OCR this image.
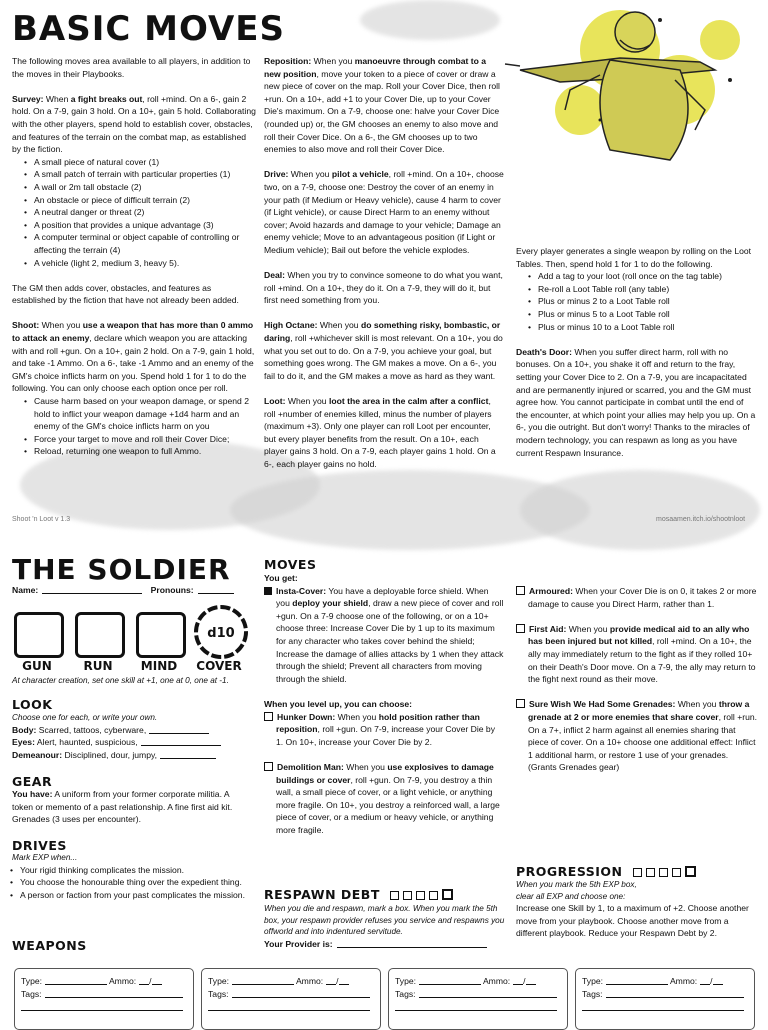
BASIC MOVES

The following moves area available to all players, in addition to the moves in their Playbooks.

Survey: When a fight breaks out, roll +mind. On a 6-, gain 2 hold. On a 7-9, gain 3 hold. On a 10+, gain 5 hold. Collaborating with the other players, spend hold to establish cover, obstacles, and features of the terrain on the combat map, as established by the fiction.

• A small piece of natural cover (1)
• A small patch of terrain with particular properties (1)
• A wall or 2m tall obstacle (2)
• An obstacle or piece of difficult terrain (2)
• A neutral danger or threat (2)
• A position that provides a unique advantage (3)
• A computer terminal or object capable of controlling or affecting the terrain (4)
• A vehicle (light 2, medium 3, heavy 5).

The GM then adds cover, obstacles, and features as established by the fiction that have not already been added.

Shoot: When you use a weapon that has more than 0 ammo to attack an enemy, declare which weapon you are attacking with and roll +gun. On a 10+, gain 2 hold. On a 7-9, gain 1 hold, and take -1 Ammo. On a 6-, take -1 Ammo and an enemy of the GM's choice inflicts harm on you. Spend hold 1 for 1 to do the following. You can only choose each option once per roll.

• Cause harm based on your weapon damage, or spend 2 hold to inflict your weapon damage +1d4 harm and an enemy of the GM's choice inflicts harm on you
• Force your target to move and roll their Cover Dice;
• Reload, returning one weapon to full Ammo.

Reposition: When you manoeuvre through combat to a new position, move your token to a piece of cover or draw a new piece of cover on the map. Roll your Cover Dice, then roll +run. On a 10+, add +1 to your Cover Die, up to your Cover Die's maximum. On a 7-9, choose one: halve your Cover Dice (rounded up) or, the GM chooses an enemy to also move and roll their Cover Dice. On a 6-, the GM chooses up to two enemies to also move and roll their Cover Dice.

Drive: When you pilot a vehicle, roll +mind. On a 10+, choose two, on a 7-9, choose one: Destroy the cover of an enemy in your path (if Medium or Heavy vehicle), cause 4 harm to cover (if Light vehicle), or cause Direct Harm to an enemy without cover; Avoid hazards and damage to your vehicle; Damage an enemy vehicle; Move to an advantageous position (if Light or Medium vehicle); Bail out before the vehicle explodes.

Deal: When you try to convince someone to do what you want, roll +mind. On a 10+, they do it. On a 7-9, they will do it, but first need something from you.

High Octane: When you do something risky, bombastic, or daring, roll +whichever skill is most relevant. On a 10+, you do what you set out to do. On a 7-9, you achieve your goal, but something goes wrong. The GM makes a move. On a 6-, you fail to do it, and the GM makes a move as hard as they want.

Loot: When you loot the area in the calm after a conflict, roll +number of enemies killed, minus the number of players (maximum +3). Only one player can roll Loot per encounter, but every player benefits from the result. On a 10+, each player gains 3 hold. On a 7-9, each player gains 1 hold. On a 6-, each player gains no hold.

Every player generates a single weapon by rolling on the Loot Tables. Then, spend hold 1 for 1 to do the following.

• Add a tag to your loot (roll once on the tag table)
• Re-roll a Loot Table roll (any table)
• Plus or minus 2 to a Loot Table roll
• Plus or minus 5 to a Loot Table roll
• Plus or minus 10 to a Loot Table roll

Death's Door: When you suffer direct harm, roll with no bonuses. On a 10+, you shake it off and return to the fray, setting your Cover Dice to 2. On a 7-9, you are incapacitated and are permanently injured or scarred, you and the GM must agree how. You cannot participate in combat until the end of the encounter, at which point your allies may help you up. On a 6-, you die outright. But don't worry! Thanks to the miracles of modern technology, you can respawn as long as you have current Respawn Insurance.

Shoot 'n Loot v 1.3	mosaamen.itch.io/shootnloot
THE SOLDIER
Name:	Pronouns:
d10
GUN	RUN	MIND	COVER
At character creation, set one skill at +1, one at 0, one at -1.
LOOK

Choose one for each, or write your own.

Body: Scarred, tattoos, cyberware,

Eyes: Alert, haunted, suspicious,

Demeanour: Disciplined, dour, jumpy,

GEAR

You have: A uniform from your former corporate militia. A token or memento of a past relationship. A fine first aid kit. Grenades (3 uses per encounter).

DRIVES

Mark EXP when...

• Your rigid thinking complicates the mission.
• You choose the honourable thing over the expedient thing.
• A person or faction from your past complicates the mission.
WEAPONS
MOVES

You get:

Insta-Cover: You have a deployable force shield. When you deploy your shield, draw a new piece of cover and roll +gun. On a 7-9 choose one of the following, or on a 10+ choose three: Increase Cover Die by 1 up to its maximum for any character who takes cover behind the shield; Increase the damage of allies attacks by 1 when they attack through the shield; Prevent all characters from moving through the shield.

When you level up, you can choose:

Hunker Down: When you hold position rather than reposition, roll +gun. On 7-9, increase your Cover Die by 1. On 10+, increase your Cover Die by 2.

Demolition Man: When you use explosives to damage buildings or cover, roll +gun. On 7-9, you destroy a thin wall, a small piece of cover, or a light vehicle, or anything more fragile. On 10+, you destroy a reinforced wall, a large piece of cover, or a medium or heavy vehicle, or anything more fragile.

Armoured: When your Cover Die is on 0, it takes 2 or more damage to cause you Direct Harm, rather than 1.

First Aid: When you provide medical aid to an ally who has been injured but not killed, roll +mind. On a 10+, the ally may immediately return to the fight as if they rolled 10+ on their Death's Door move. On a 7-9, the ally may return to the fight next round as their move.

Sure Wish We Had Some Grenades: When you throw a grenade at 2 or more enemies that share cover, roll +run. On a 7+, inflict 2 harm against all enemies sharing that piece of cover. On a 10+ choose one additional effect: Inflict 1 additional harm, or restore 1 use of your grenades. (Grants Grenades gear)

RESPAWN DEBT

When you die and respawn, mark a box. When you mark the 5th box, your respawn provider refuses you service and respawns you offworld and into indentured servitude.

Your Provider is:

PROGRESSION

When you mark the 5th EXP box,

clear all EXP and choose one:

Increase one Skill by 1, to a maximum of +2. Choose another move from your playbook. Choose another move from a different playbook. Reduce your Respawn Debt by 2.

Type:	Ammo: /
Tags:
Type:	Ammo: /
Tags:
Type:	Ammo: /
Tags:
Type:	Ammo: /
Tags:
